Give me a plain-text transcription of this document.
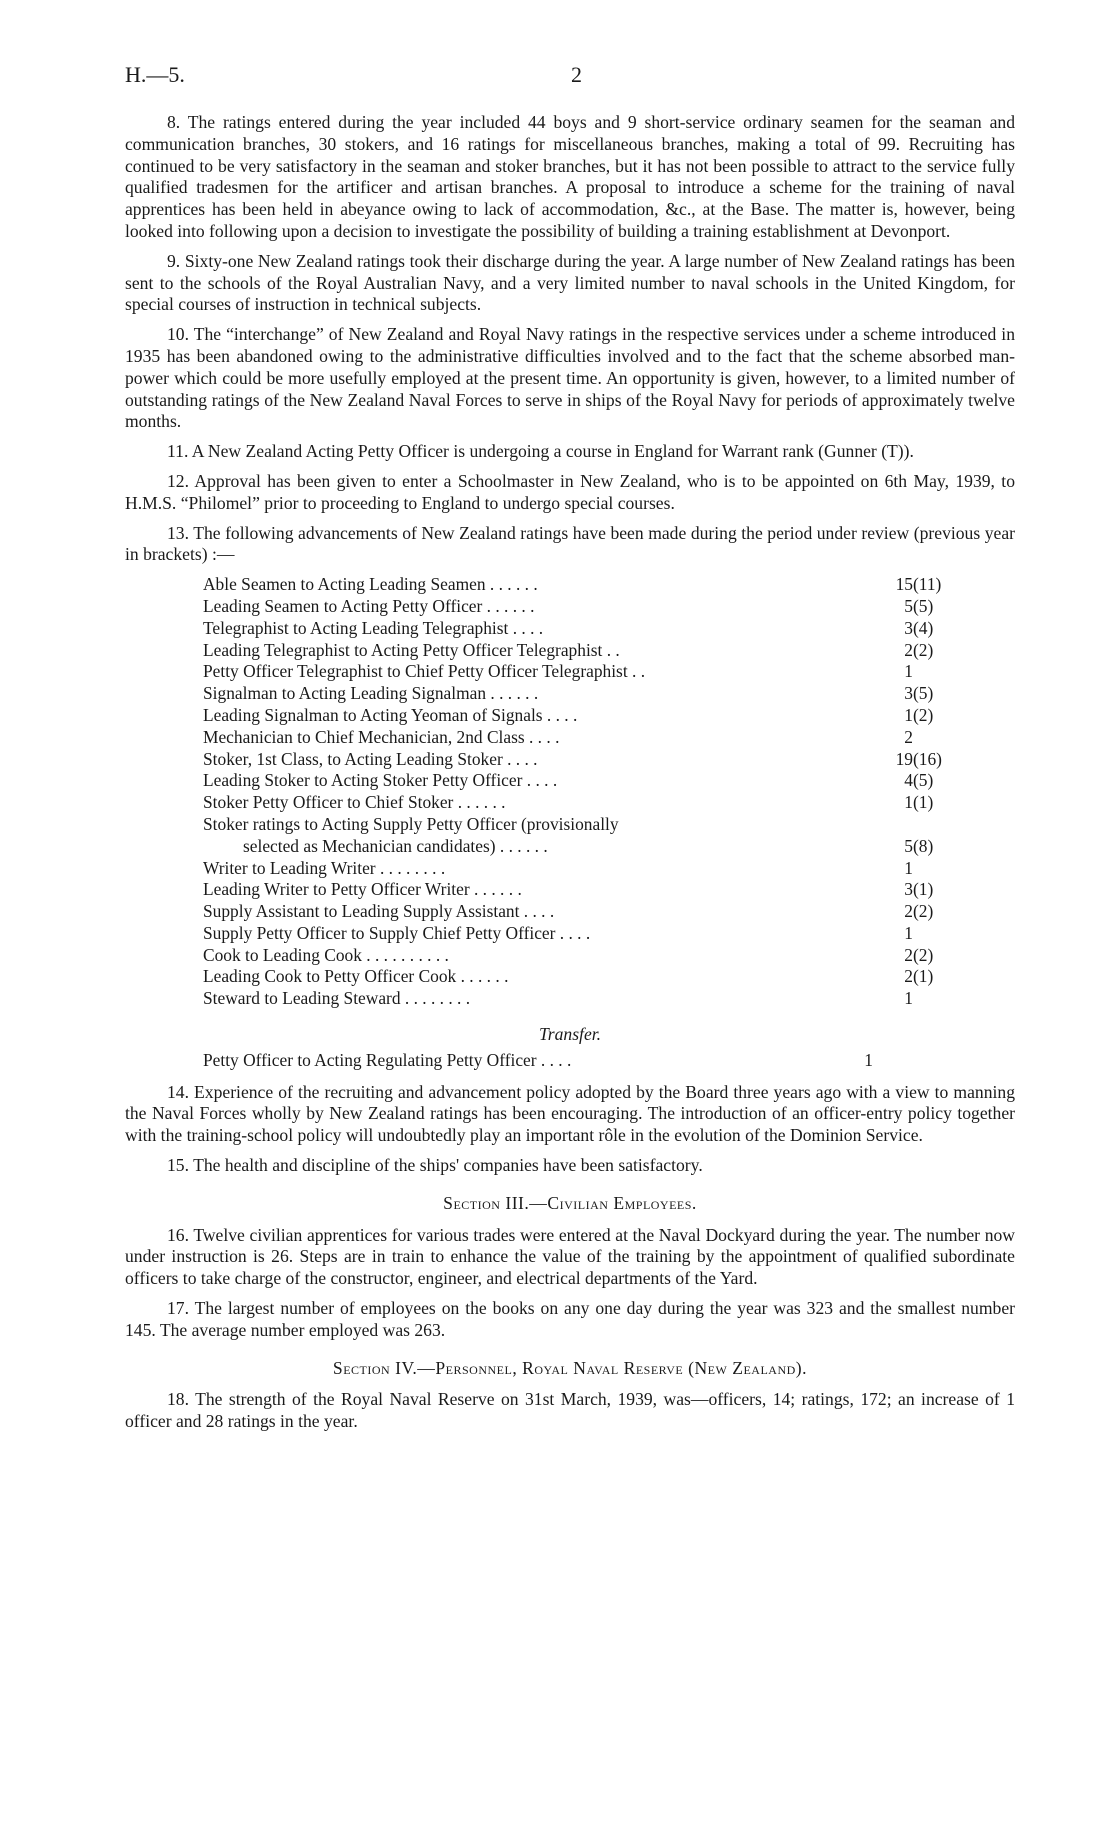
H.—5.	2

8. The ratings entered during the year included 44 boys and 9 short-service ordinary seamen for the seaman and communication branches, 30 stokers, and 16 ratings for miscellaneous branches, making a total of 99. Recruiting has continued to be very satisfactory in the seaman and stoker branches, but it has not been possible to attract to the service fully qualified tradesmen for the artificer and artisan branches. A proposal to introduce a scheme for the training of naval apprentices has been held in abeyance owing to lack of accommodation, &c., at the Base. The matter is, however, being looked into following upon a decision to investigate the possibility of building a training establishment at Devonport.

9. Sixty-one New Zealand ratings took their discharge during the year. A large number of New Zealand ratings has been sent to the schools of the Royal Australian Navy, and a very limited number to naval schools in the United Kingdom, for special courses of instruction in technical subjects.

10. The “interchange” of New Zealand and Royal Navy ratings in the respective services under a scheme introduced in 1935 has been abandoned owing to the administrative difficulties involved and to the fact that the scheme absorbed man-power which could be more usefully employed at the present time. An opportunity is given, however, to a limited number of outstanding ratings of the New Zealand Naval Forces to serve in ships of the Royal Navy for periods of approximately twelve months.

11. A New Zealand Acting Petty Officer is undergoing a course in England for Warrant rank (Gunner (T)).

12. Approval has been given to enter a Schoolmaster in New Zealand, who is to be appointed on 6th May, 1939, to H.M.S. “Philomel” prior to proceeding to England to undergo special courses.

13. The following advancements of New Zealand ratings have been made during the period under review (previous year in brackets) :—

Able Seamen to Acting Leading Seamen . . . . . .	15	(11)
Leading Seamen to Acting Petty Officer . . . . . .	5	(5)
Telegraphist to Acting Leading Telegraphist . . . .	3	(4)
Leading Telegraphist to Acting Petty Officer Telegraphist . .	2	(2)
Petty Officer Telegraphist to Chief Petty Officer Telegraphist . .	1	
Signalman to Acting Leading Signalman . . . . . .	3	(5)
Leading Signalman to Acting Yeoman of Signals . . . .	1	(2)
Mechanician to Chief Mechanician, 2nd Class . . . .	2	
Stoker, 1st Class, to Acting Leading Stoker . . . .	19	(16)
Leading Stoker to Acting Stoker Petty Officer . . . .	4	(5)
Stoker Petty Officer to Chief Stoker . . . . . .	1	(1)
Stoker ratings to Acting Supply Petty Officer (provisionally		
selected as Mechanician candidates) . . . . . .	5	(8)
Writer to Leading Writer . . . . . . . .	1	
Leading Writer to Petty Officer Writer . . . . . .	3	(1)
Supply Assistant to Leading Supply Assistant . . . .	2	(2)
Supply Petty Officer to Supply Chief Petty Officer . . . .	1	
Cook to Leading Cook . . . . . . . . . .	2	(2)
Leading Cook to Petty Officer Cook . . . . . .	2	(1)
Steward to Leading Steward . . . . . . . .	1	
Transfer.
Petty Officer to Acting Regulating Petty Officer . . . .	1	

14. Experience of the recruiting and advancement policy adopted by the Board three years ago with a view to manning the Naval Forces wholly by New Zealand ratings has been encouraging. The introduction of an officer-entry policy together with the training-school policy will undoubtedly play an important rôle in the evolution of the Dominion Service.

15. The health and discipline of the ships' companies have been satisfactory.

Section III.—Civilian Employees.

16. Twelve civilian apprentices for various trades were entered at the Naval Dockyard during the year. The number now under instruction is 26. Steps are in train to enhance the value of the training by the appointment of qualified subordinate officers to take charge of the constructor, engineer, and electrical departments of the Yard.

17. The largest number of employees on the books on any one day during the year was 323 and the smallest number 145. The average number employed was 263.

Section IV.—Personnel, Royal Naval Reserve (New Zealand).

18. The strength of the Royal Naval Reserve on 31st March, 1939, was—officers, 14; ratings, 172; an increase of 1 officer and 28 ratings in the year.
